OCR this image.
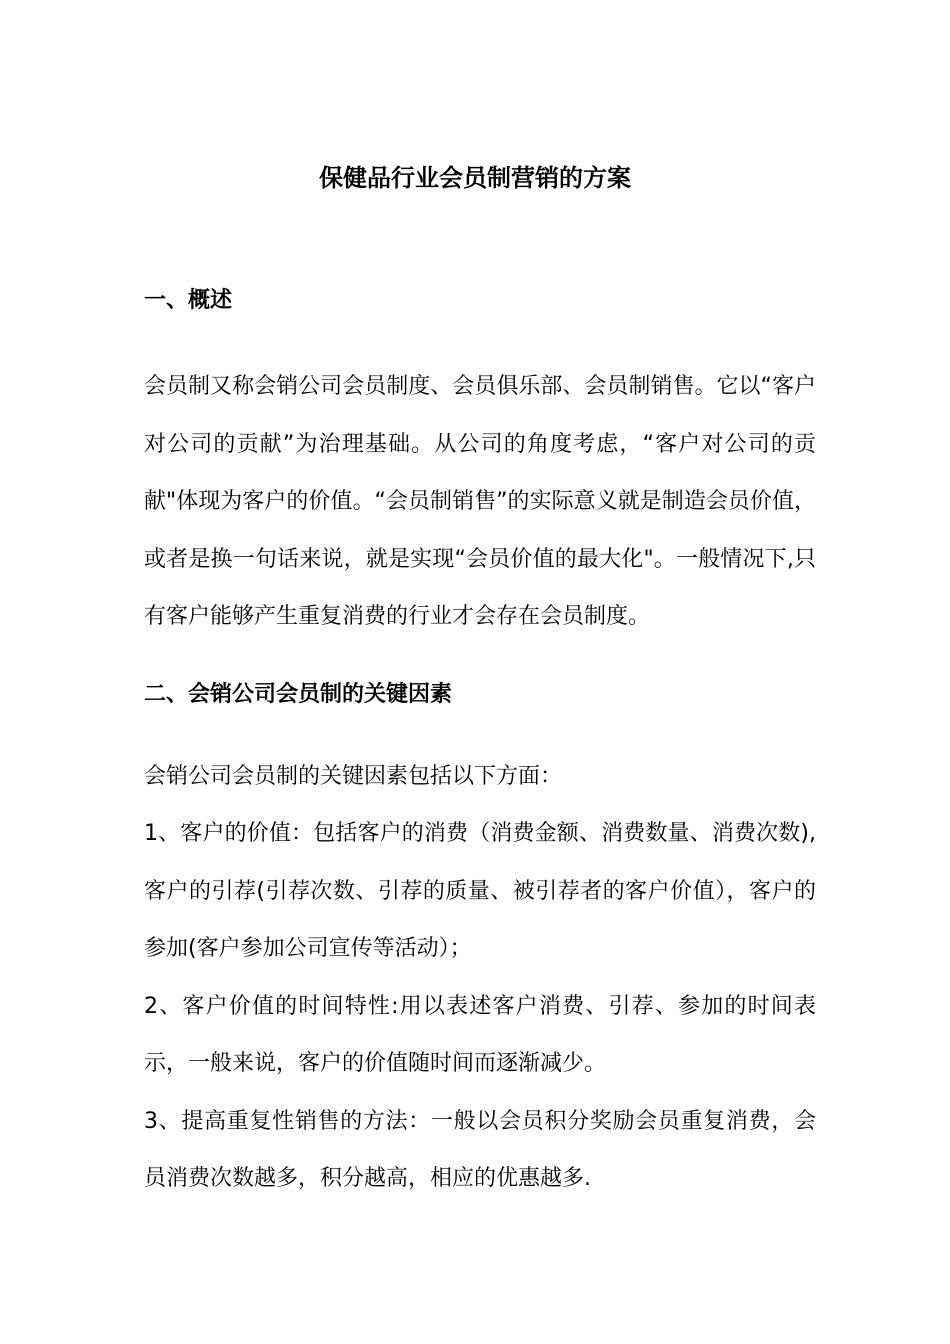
保健品行业会员制营销的方案
一、概述

会员制又称会销公司会员制度、会员俱乐部、会员制销售。它以“客户对公司的贡献”为治理基础。从公司的角度考虑，“客户对公司的贡献"体现为客户的价值。“会员制销售”的实际意义就是制造会员价值，或者是换一句话来说，就是实现“会员价值的最大化"。一般情况下,只有客户能够产生重复消费的行业才会存在会员制度。

二、会销公司会员制的关键因素

会销公司会员制的关键因素包括以下方面：

1、客户的价值：包括客户的消费（消费金额、消费数量、消费次数),客户的引荐(引荐次数、引荐的质量、被引荐者的客户价值），客户的参加(客户参加公司宣传等活动）；

2、客户价值的时间特性:用以表述客户消费、引荐、参加的时间表示，一般来说，客户的价值随时间而逐渐减少。

3、提高重复性销售的方法：一般以会员积分奖励会员重复消费，会员消费次数越多，积分越高，相应的优惠越多.
